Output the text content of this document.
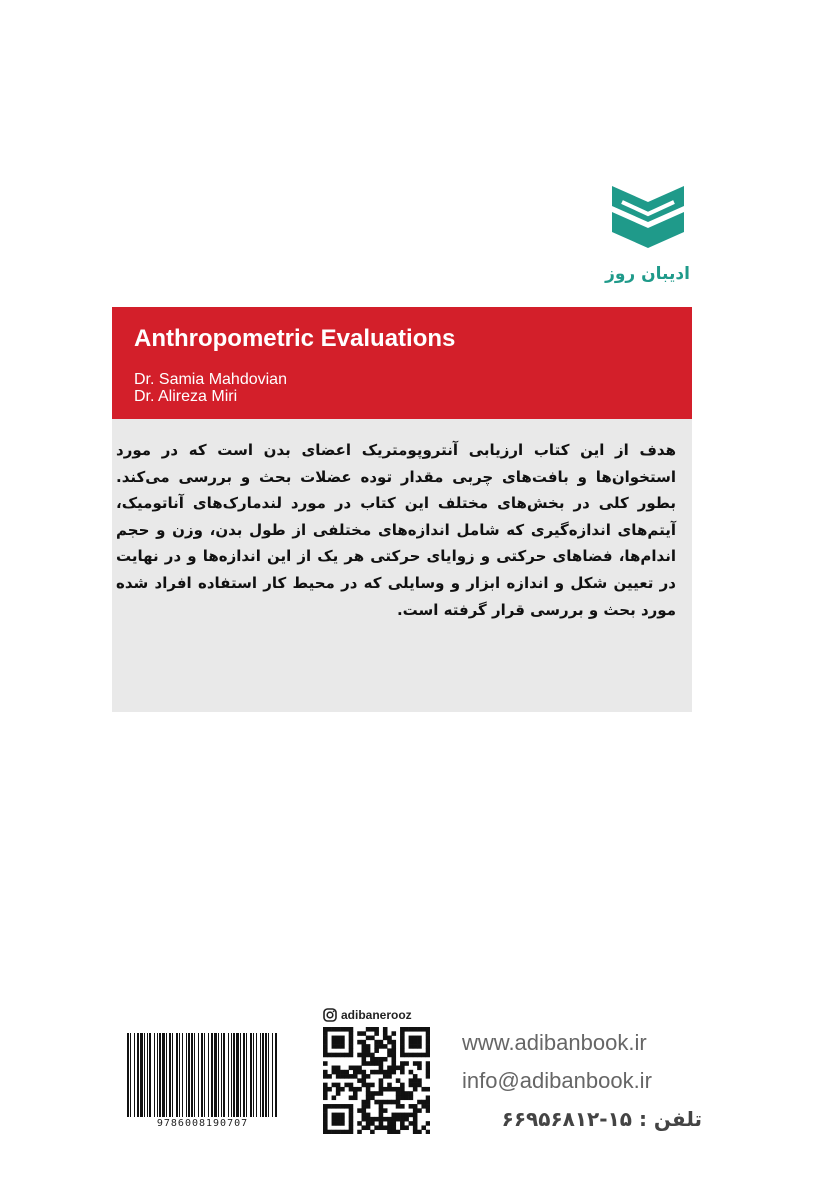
ادیبان روز
Anthropometric Evaluations
Dr. Samia Mahdovian
Dr. Alireza Miri
هدف از این کتاب ارزیابی آنتروپومتریک اعضای بدن است که در مورد استخوان‌ها و بافت‌های چربی مقدار توده عضلات بحث و بررسی می‌کند. بطور کلی در بخش‌های مختلف این کتاب در مورد لندمارک‌های آناتومیک، آیتم‌های اندازه‌گیری که شامل اندازه‌های مختلفی از طول بدن، وزن و حجم اندام‌ها، فضاهای حرکتی و زوایای حرکتی هر یک از این اندازه‌ها و در نهایت در تعیین شکل و اندازه ابزار و وسایلی که در محیط کار استفاده افراد شده مورد بحث و بررسی قرار گرفته است.
9786008190707
adibanerooz
www.adibanbook.ir
info@adibanbook.ir
تلفن : ۱۵-۶۶۹۵۶۸۱۲
